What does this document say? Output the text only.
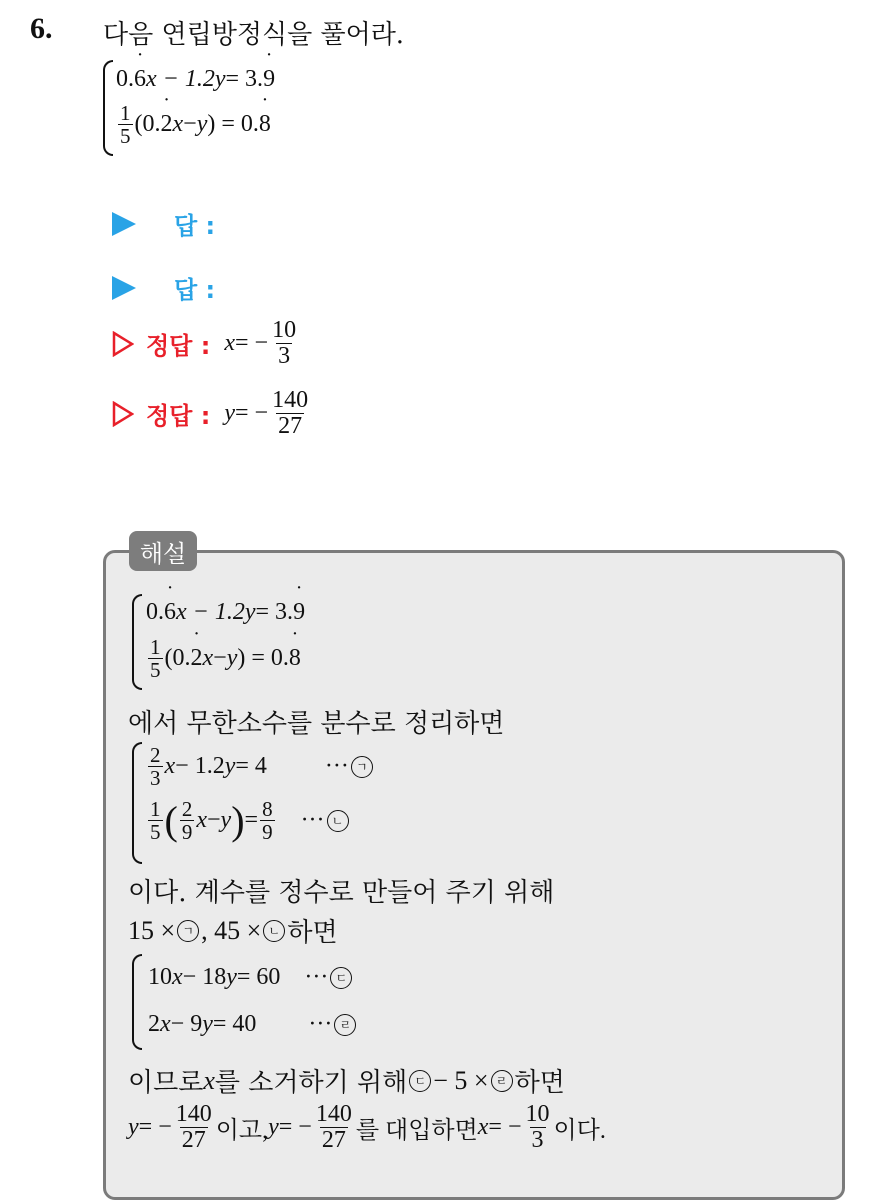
6. 다음 연립방정식을 풀어라.
0. ˙ 6 x − 1.2 y = 3. ˙ 9
$\frac{1}{5} (0$. ˙ 2 x − y ) = 0. ˙ 8
답 :
답 :
정답 : x = − $\frac{10}{3}$
정답 : y = − $\frac{140}{27}$
해설
0. ˙ 6 x − 1.2 y = 3. ˙ 9
$\frac{1}{5} (0$. ˙ 2 x − y ) = 0. ˙ 8
에서 무한소수를 분수로 정리하면
$\frac{2}{3}$ x − 1.2 y = 4 ··· ㄱ
$\frac{1}{5}$ ( $\frac{2}{9}$ x − y ) = $\frac{8}{9}$ ··· ㄴ
이다. 계수를 정수로 만들어 주기 위해
15 × ㄱ , 45 × ㄴ 하면
10 x − 18 y = 60 ··· ㄷ
2 x − 9 y = 40 ··· ㄹ
이므로 x 를 소거하기 위해 ㄷ − 5 × ㄹ 하면
y = − $\frac{140}{27}$ 이고, y = − $\frac{140}{27}$ 를 대입하면 x = − $\frac{10}{3}$ 이다.
